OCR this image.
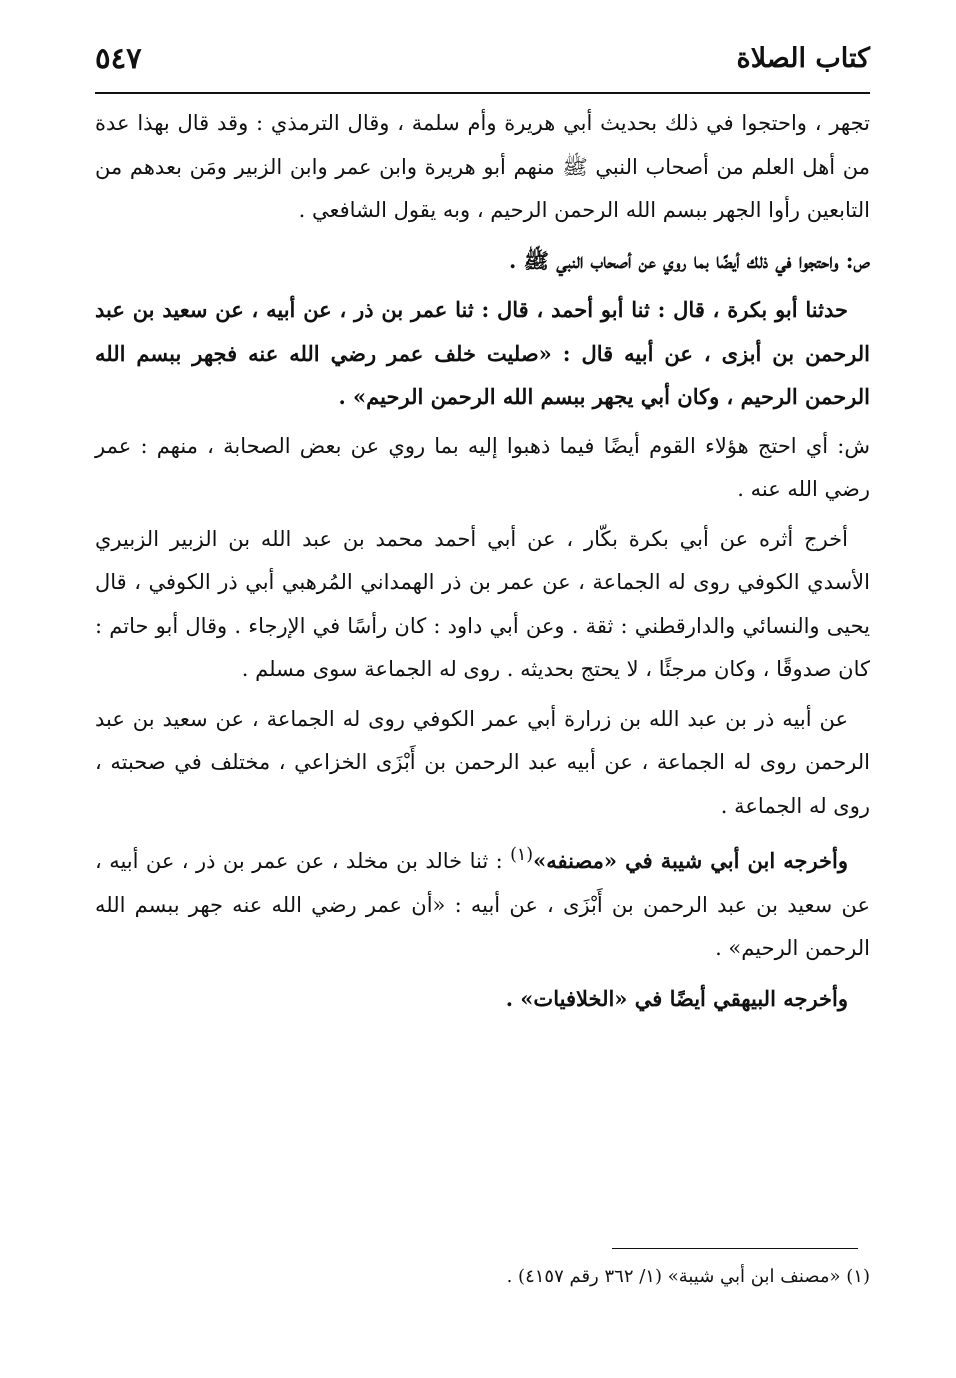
كتاب الصلاة
٥٤٧

تجهر ، واحتجوا في ذلك بحديث أبي هريرة وأم سلمة ، وقال الترمذي : وقد قال بهذا عدة من أهل العلم من أصحاب النبي ﷺ منهم أبو هريرة وابن عمر وابن الزبير ومَن بعدهم من التابعين رأوا الجهر ببسم الله الرحمن الرحيم ، وبه يقول الشافعي .

ص: واحتجوا في ذلك أيضًا بما روي عن أصحاب النبي ﷺ .

حدثنا أبو بكرة ، قال : ثنا أبو أحمد ، قال : ثنا عمر بن ذر ، عن أبيه ، عن سعيد بن عبد الرحمن بن أبزى ، عن أبيه قال : «صليت خلف عمر رضي الله عنه فجهر ببسم الله الرحمن الرحيم ، وكان أبي يجهر ببسم الله الرحمن الرحيم» .

ش: أي احتج هؤلاء القوم أيضًا فيما ذهبوا إليه بما روي عن بعض الصحابة ، منهم : عمر رضي الله عنه .

أخرج أثره عن أبي بكرة بكّار ، عن أبي أحمد محمد بن عبد الله بن الزبير الزبيري الأسدي الكوفي روى له الجماعة ، عن عمر بن ذر الهمداني المُرهبي أبي ذر الكوفي ، قال يحيى والنسائي والدارقطني : ثقة . وعن أبي داود : كان رأسًا في الإرجاء . وقال أبو حاتم : كان صدوقًا ، وكان مرجئًا ، لا يحتج بحديثه . روى له الجماعة سوى مسلم .

عن أبيه ذر بن عبد الله بن زرارة أبي عمر الكوفي روى له الجماعة ، عن سعيد بن عبد الرحمن روى له الجماعة ، عن أبيه عبد الرحمن بن أَبْزَى الخزاعي ، مختلف في صحبته ، روى له الجماعة .

وأخرجه ابن أبي شيبة في «مصنفه»$^{(١)}$ : ثنا خالد بن مخلد ، عن عمر بن ذر ، عن أبيه ، عن سعيد بن عبد الرحمن بن أَبْزَى ، عن أبيه : «أن عمر رضي الله عنه جهر ببسم الله الرحمن الرحيم» .

وأخرجه البيهقي أيضًا في «الخلافيات» .

(١) «مصنف ابن أبي شيبة» (١/ ٣٦٢ رقم ٤١٥٧) .
